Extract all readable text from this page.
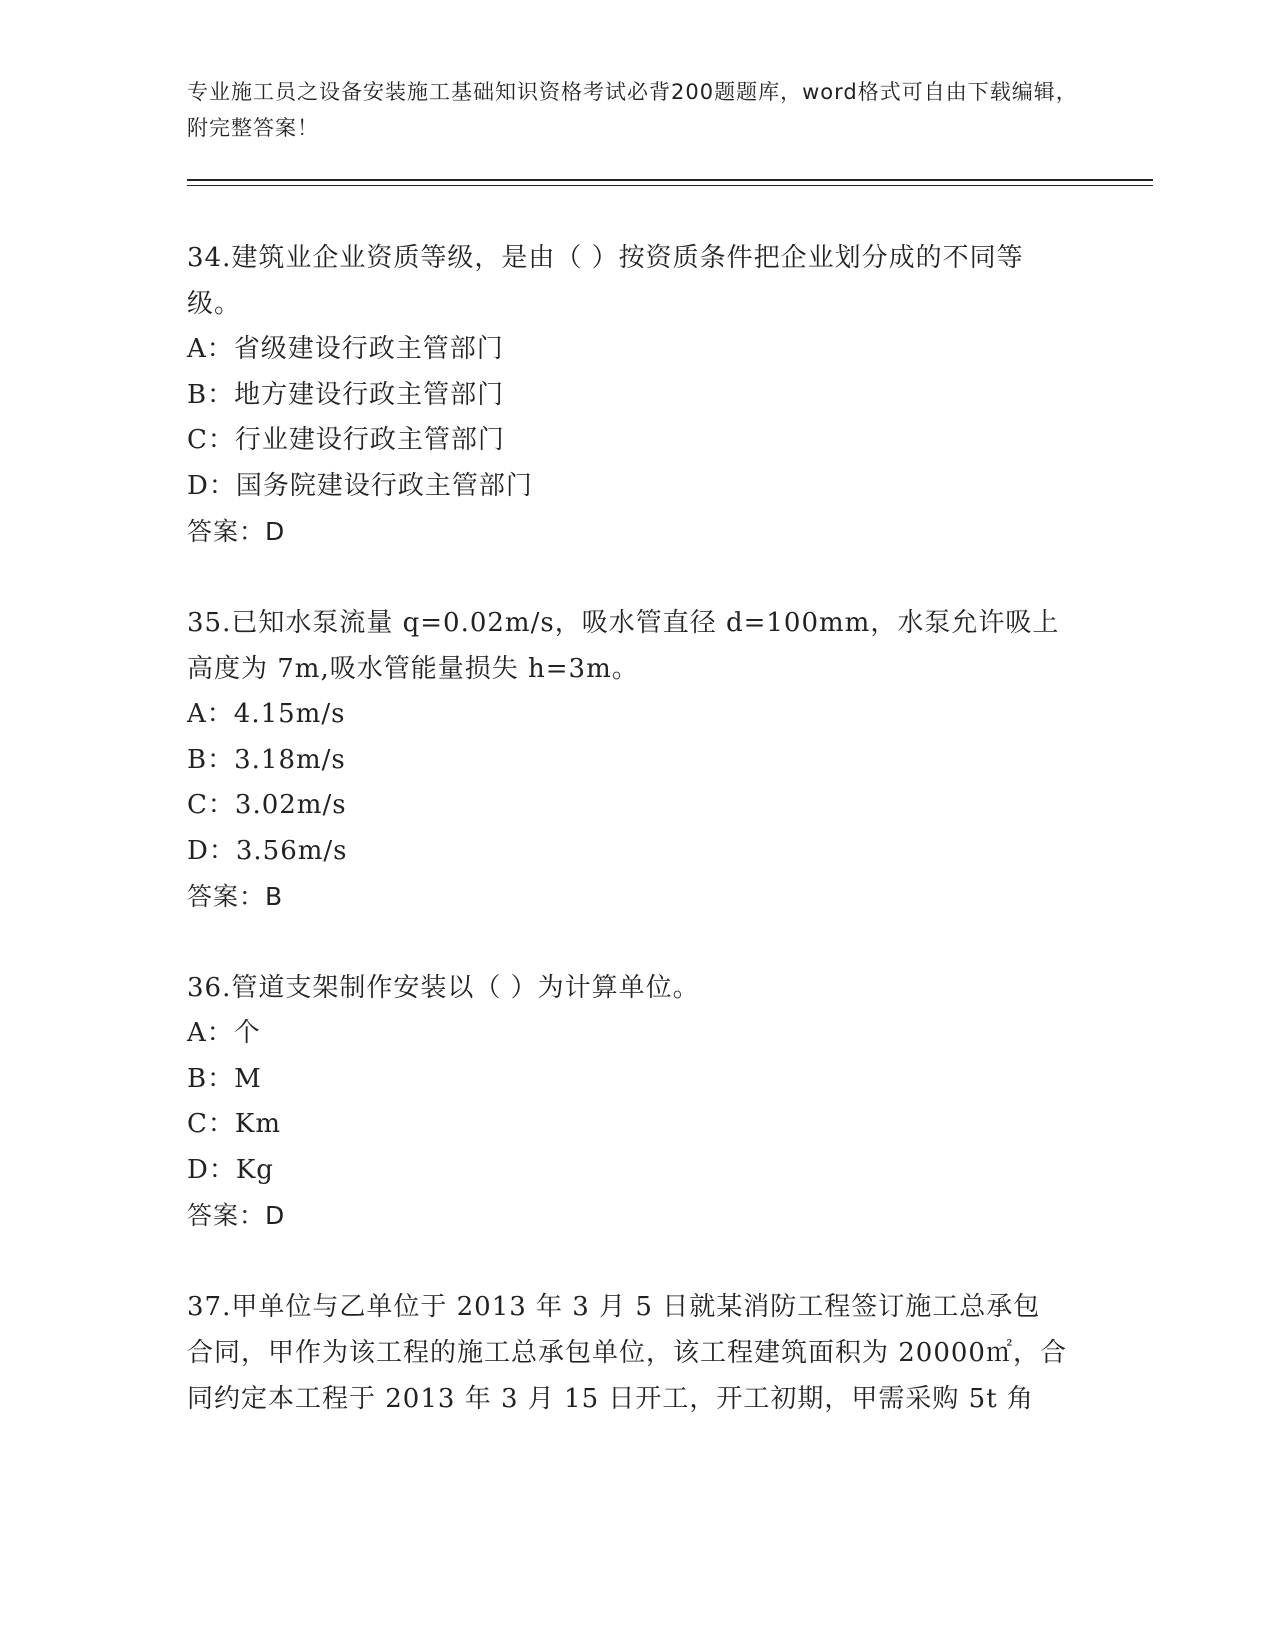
专业施工员之设备安装施工基础知识资格考试必背200题题库，word格式可自由下载编辑，附完整答案！

34.建筑业企业资质等级，是由（ ）按资质条件把企业划分成的不同等级。

A：省级建设行政主管部门

B：地方建设行政主管部门

C：行业建设行政主管部门

D：国务院建设行政主管部门

答案：D

35.已知水泵流量 q=0.02m/s，吸水管直径 d=100mm，水泵允许吸上高度为 7m,吸水管能量损失 h=3m。

A：4.15m/s

B：3.18m/s

C：3.02m/s

D：3.56m/s

答案：B

36.管道支架制作安装以（ ）为计算单位。

A：个

B：M

C：Km

D：Kg

答案：D

37.甲单位与乙单位于 2013 年 3 月 5 日就某消防工程签订施工总承包合同，甲作为该工程的施工总承包单位，该工程建筑面积为 20000㎡，合同约定本工程于 2013 年 3 月 15 日开工，开工初期，甲需采购 5t 角
